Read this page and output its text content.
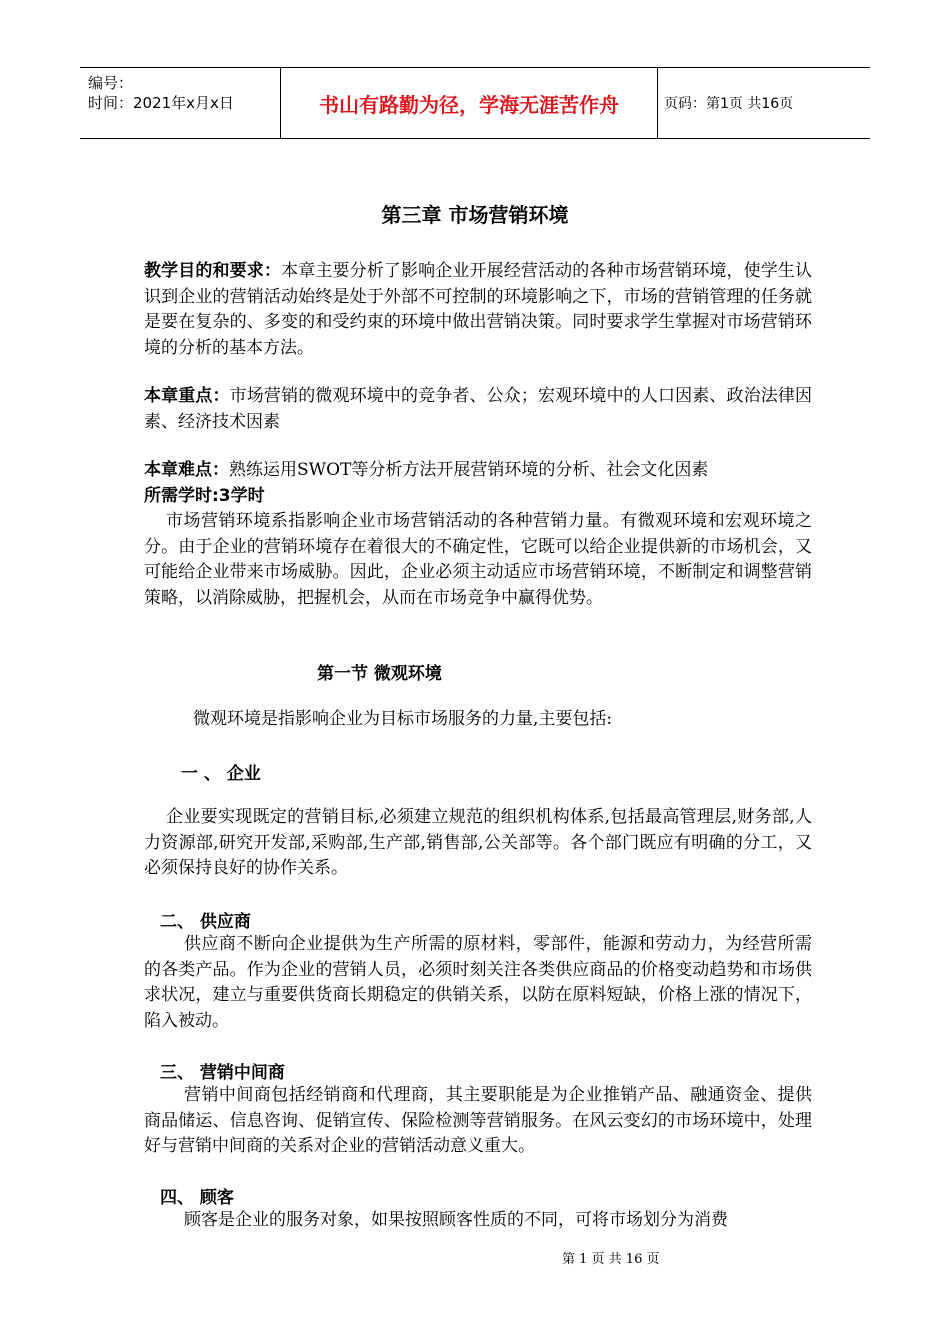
编号：
时间：2021年x月x日	书山有路勤为径，学海无涯苦作舟	页码：第1页 共16页
第三章 市场营销环境

教学目的和要求：本章主要分析了影响企业开展经营活动的各种市场营销环境，使学生认识到企业的营销活动始终是处于外部不可控制的环境影响之下，市场的营销管理的任务就是要在复杂的、多变的和受约束的环境中做出营销决策。同时要求学生掌握对市场营销环境的分析的基本方法。

本章重点：市场营销的微观环境中的竞争者、公众；宏观环境中的人口因素、政治法律因素、经济技术因素

本章难点：熟练运用SWOT等分析方法开展营销环境的分析、社会文化因素

所需学时:3学时

市场营销环境系指影响企业市场营销活动的各种营销力量。有微观环境和宏观环境之分。由于企业的营销环境存在着很大的不确定性，它既可以给企业提供新的市场机会，又可能给企业带来市场威胁。因此，企业必须主动适应市场营销环境，不断制定和调整营销策略，以消除威胁，把握机会，从而在市场竞争中赢得优势。

第一节 微观环境

微观环境是指影响企业为目标市场服务的力量,主要包括:

一 、 企业

企业要实现既定的营销目标,必须建立规范的组织机构体系,包括最高管理层,财务部,人力资源部,研究开发部,采购部,生产部,销售部,公关部等。各个部门既应有明确的分工，又必须保持良好的协作关系。

二、 供应商

供应商不断向企业提供为生产所需的原材料，零部件，能源和劳动力，为经营所需的各类产品。作为企业的营销人员，必须时刻关注各类供应商品的价格变动趋势和市场供求状况，建立与重要供货商长期稳定的供销关系，以防在原料短缺，价格上涨的情况下，陷入被动。

三、 营销中间商

营销中间商包括经销商和代理商，其主要职能是为企业推销产品、融通资金、提供商品储运、信息咨询、促销宣传、保险检测等营销服务。在风云变幻的市场环境中，处理好与营销中间商的关系对企业的营销活动意义重大。

四、 顾客

顾客是企业的服务对象，如果按照顾客性质的不同，可将市场划分为消费

第 1 页 共 16 页
